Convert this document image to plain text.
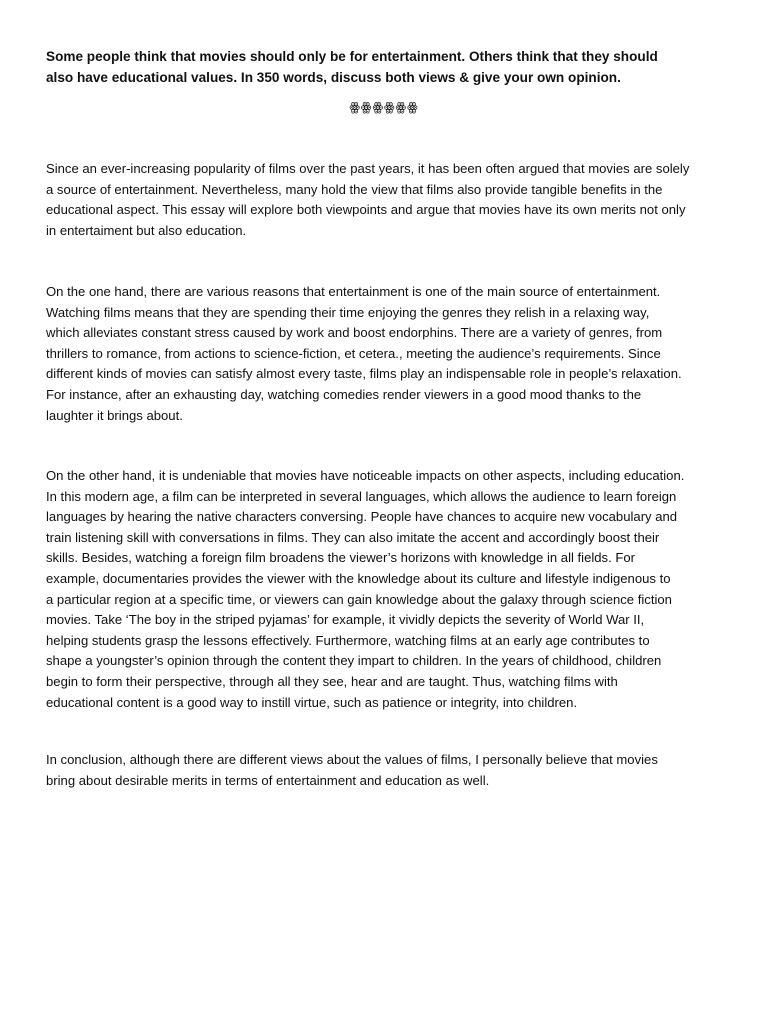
Some people think that movies should only be for entertainment. Others think that they should

also have educational values. In 350 words, discuss both views & give your own opinion.

ꙮꙮꙮꙮꙮꙮ

Since an ever-increasing popularity of films over the past years, it has been often argued that movies are solely

a source of entertainment. Nevertheless, many hold the view that films also provide tangible benefits in the

educational aspect. This essay will explore both viewpoints and argue that movies have its own merits not only

in entertaiment but also education.

On the one hand, there are various reasons that entertainment is one of the main source of entertainment.

Watching films means that they are spending their time enjoying the genres they relish in a relaxing way,

which alleviates constant stress caused by work and boost endorphins. There are a variety of genres, from

thrillers to romance, from actions to science-fiction, et cetera., meeting the audience’s requirements. Since

different kinds of movies can satisfy almost every taste, films play an indispensable role in people’s relaxation.

For instance, after an exhausting day, watching comedies render viewers in a good mood thanks to the

laughter it brings about.

On the other hand, it is undeniable that movies have noticeable impacts on other aspects, including education.

In this modern age, a film can be interpreted in several languages, which allows the audience to learn foreign

languages by hearing the native characters conversing. People have chances to acquire new vocabulary and

train listening skill with conversations in films. They can also imitate the accent and accordingly boost their

skills. Besides, watching a foreign film broadens the viewer’s horizons with knowledge in all fields. For

example, documentaries provides the viewer with the knowledge about its culture and lifestyle indigenous to

a particular region at a specific time, or viewers can gain knowledge about the galaxy through science fiction

movies. Take ‘The boy in the striped pyjamas’ for example, it vividly depicts the severity of World War II,

helping students grasp the lessons effectively. Furthermore, watching films at an early age contributes to

shape a youngster’s opinion through the content they impart to children. In the years of childhood, children

begin to form their perspective, through all they see, hear and are taught. Thus, watching films with

educational content is a good way to instill virtue, such as patience or integrity, into children.

In conclusion, although there are different views about the values of films, I personally believe that movies

bring about desirable merits in terms of entertainment and education as well.
